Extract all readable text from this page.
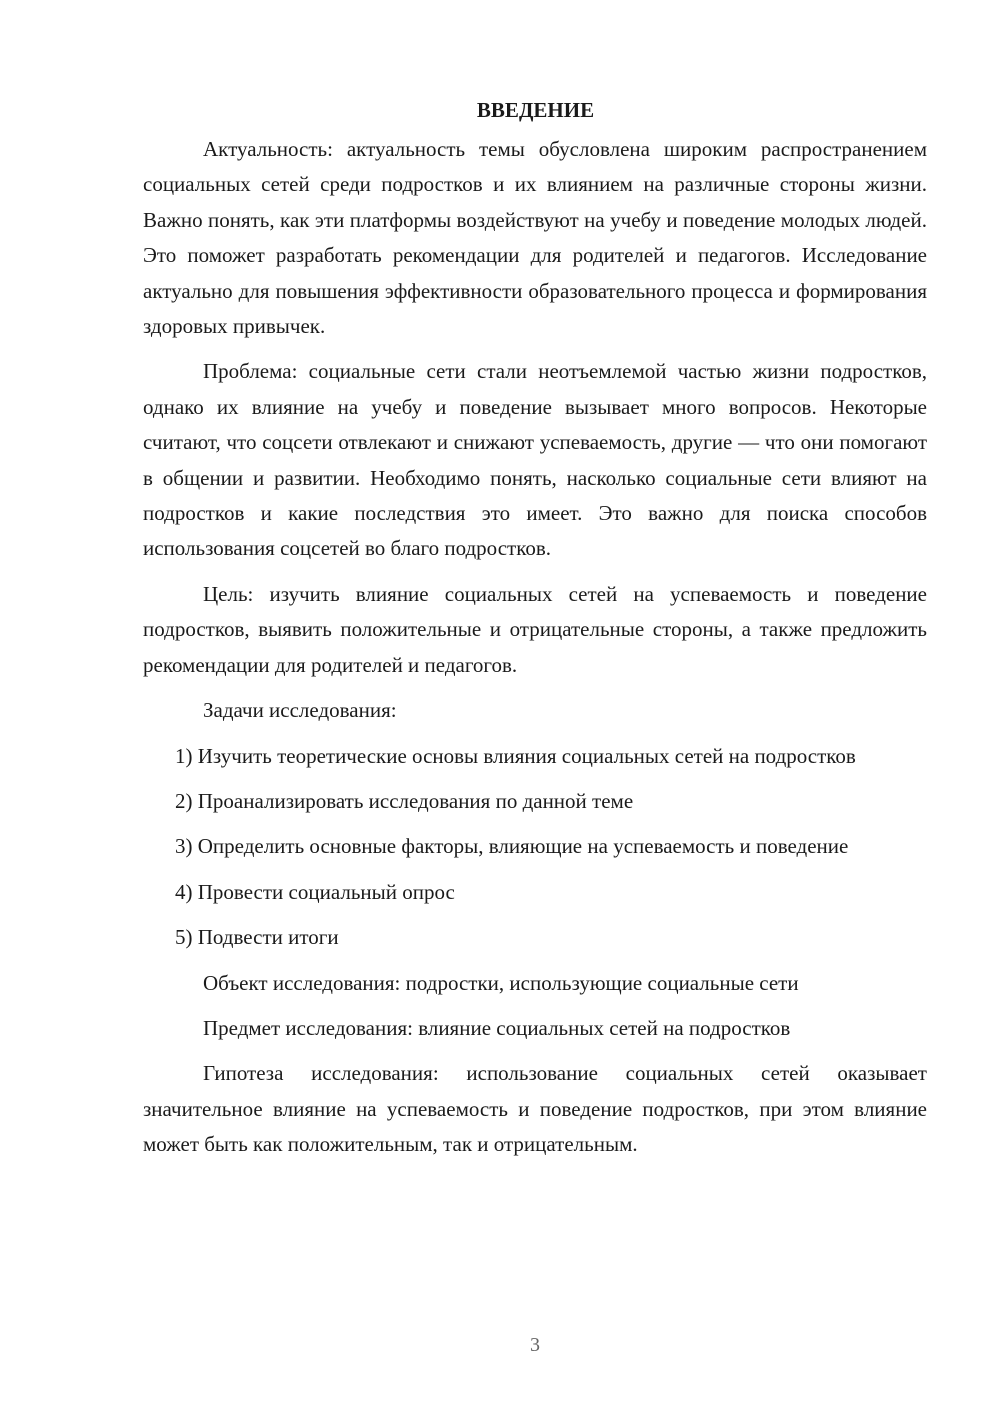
ВВЕДЕНИЕ

Актуальность: актуальность темы обусловлена широким распространением социальных сетей среди подростков и их влиянием на различные стороны жизни. Важно понять, как эти платформы воздействуют на учебу и поведение молодых людей. Это поможет разработать рекомендации для родителей и педагогов. Исследование актуально для повышения эффективности образовательного процесса и формирования здоровых привычек.

Проблема: социальные сети стали неотъемлемой частью жизни подростков, однако их влияние на учебу и поведение вызывает много вопросов. Некоторые считают, что соцсети отвлекают и снижают успеваемость, другие — что они помогают в общении и развитии. Необходимо понять, насколько социальные сети влияют на подростков и какие последствия это имеет. Это важно для поиска способов использования соцсетей во благо подростков.

Цель: изучить влияние социальных сетей на успеваемость и поведение подростков, выявить положительные и отрицательные стороны, а также предложить рекомендации для родителей и педагогов.

Задачи исследования:

1) Изучить теоретические основы влияния социальных сетей на подростков

2) Проанализировать исследования по данной теме

3) Определить основные факторы, влияющие на успеваемость и поведение

4) Провести социальный опрос

5) Подвести итоги

Объект исследования: подростки, использующие социальные сети

Предмет исследования: влияние социальных сетей на подростков

Гипотеза исследования: использование социальных сетей оказывает значительное влияние на успеваемость и поведение подростков, при этом влияние может быть как положительным, так и отрицательным.

3
